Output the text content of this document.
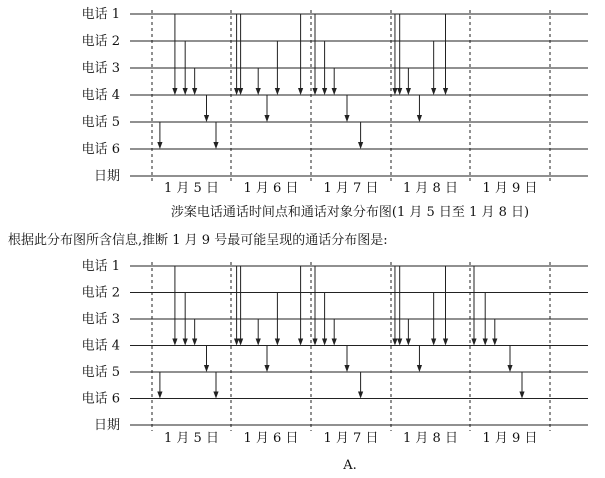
电话 1
电话 2
电话 3
电话 4
电话 5
电话 6
日期
1 月 5 日 1 月 6 日 1 月 7 日 1 月 8 日 1 月 9 日
涉案电话通话时间点和通话对象分布图(1 月 5 日至 1 月 8 日)
根据此分布图所含信息,推断 1 月 9 号最可能呈现的通话分布图是:
电话 1
电话 2
电话 3
电话 4
电话 5
电话 6
日期
1 月 5 日 1 月 6 日 1 月 7 日 1 月 8 日 1 月 9 日
A.
